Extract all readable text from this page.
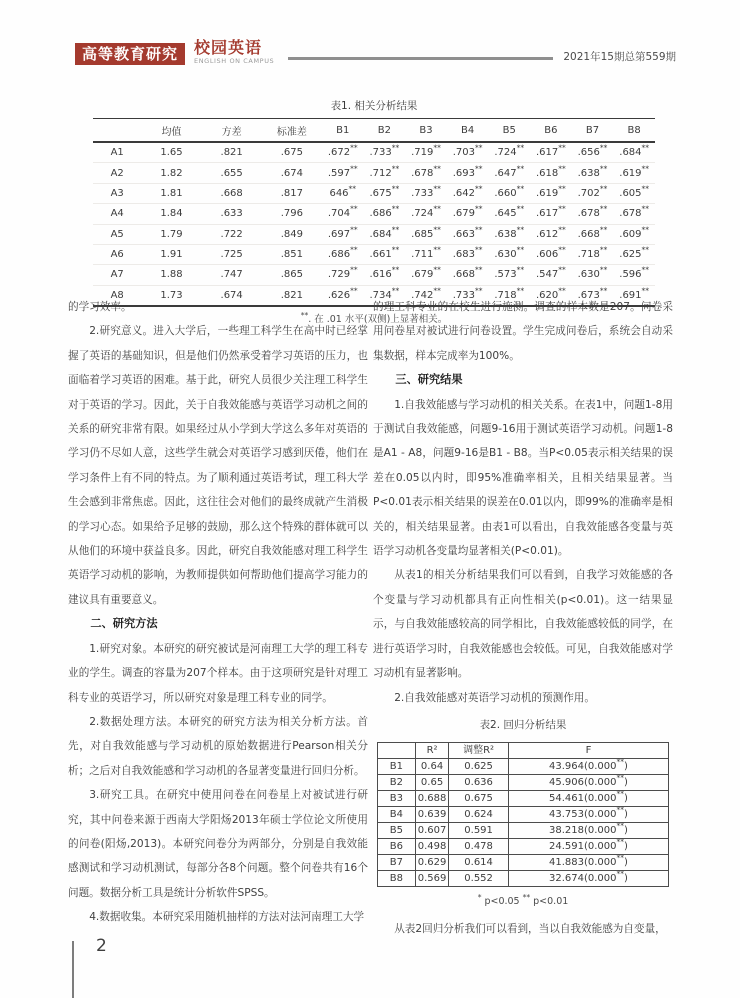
高等教育研究	校园英语
ENGLISH ON CAMPUS	2021年15期总第559期
表1. 相关分析结果
	均值	方差	标准差	B1	B2	B3	B4	B5	B6	B7	B8
A1	1.65	.821	.675	.672**	.733**	.719**	.703**	.724**	.617**	.656**	.684**
A2	1.82	.655	.674	.597**	.712**	.678**	.693**	.647**	.618**	.638**	.619**
A3	1.81	.668	.817	646**	.675**	.733**	.642**	.660**	.619**	.702**	.605**
A4	1.84	.633	.796	.704**	.686**	.724**	.679**	.645**	.617**	.678**	.678**
A5	1.79	.722	.849	.697**	.684**	.685**	.663**	.638**	.612**	.668**	.609**
A6	1.91	.725	.851	.686**	.661**	.711**	.683**	.630**	.606**	.718**	.625**
A7	1.88	.747	.865	.729**	.616**	.679**	.668**	.573**	.547**	.630**	.596**
A8	1.73	.674	.821	.626**	.734**	.742**	.733**	.718**	.620**	.673**	.691**
**. 在 .01 水平(双侧)上显著相关。

的学习效率。

2.研究意义。进入大学后，一些理工科学生在高中时已经掌握了英语的基础知识，但是他们仍然承受着学习英语的压力，也面临着学习英语的困难。基于此，研究人员很少关注理工科学生对于英语的学习。因此，关于自我效能感与英语学习动机之间的关系的研究非常有限。如果经过从小学到大学这么多年对英语的学习仍不尽如人意，这些学生就会对英语学习感到厌倦，他们在学习条件上有不同的特点。为了顺利通过英语考试，理工科大学生会感到非常焦虑。因此，这往往会对他们的最终成就产生消极的学习心态。如果给予足够的鼓励，那么这个特殊的群体就可以从他们的环境中获益良多。因此，研究自我效能感对理工科学生英语学习动机的影响，为教师提供如何帮助他们提高学习能力的建议具有重要意义。

二、研究方法

1.研究对象。本研究的研究被试是河南理工大学的理工科专业的学生。调查的容量为207个样本。由于这项研究是针对理工科专业的英语学习，所以研究对象是理工科专业的同学。

2.数据处理方法。本研究的研究方法为相关分析方法。首先，对自我效能感与学习动机的原始数据进行Pearson相关分析；之后对自我效能感和学习动机的各显著变量进行回归分析。

3.研究工具。在研究中使用问卷在问卷星上对被试进行研究，其中问卷来源于西南大学阳炀2013年硕士学位论文所使用的问卷(阳炀,2013)。本研究问卷分为两部分，分别是自我效能感测试和学习动机测试，每部分各8个问题。整个问卷共有16个问题。数据分析工具是统计分析软件SPSS。

4.数据收集。本研究采用随机抽样的方法对法河南理工大学

的理工科专业的在校生进行施测。调查的样本数是207。问卷采用问卷星对被试进行问卷设置。学生完成问卷后，系统会自动采集数据，样本完成率为100%。

三、研究结果

1.自我效能感与学习动机的相关关系。在表1中，问题1-8用于测试自我效能感，问题9-16用于测试英语学习动机。问题1-8是A1 - A8，问题9-16是B1 - B8。当P<0.05表示相关结果的误差在0.05以内时，即95%准确率相关，且相关结果显著。当P<0.01表示相关结果的误差在0.01以内，即99%的准确率是相关的，相关结果显著。由表1可以看出，自我效能感各变量与英语学习动机各变量均显著相关(P<0.01)。

从表1的相关分析结果我们可以看到，自我学习效能感的各个变量与学习动机都具有正向性相关(p<0.01)。这一结果显示，与自我效能感较高的同学相比，自我效能感较低的同学，在进行英语学习时，自我效能感也会较低。可见，自我效能感对学习动机有显著影响。

2.自我效能感对英语学习动机的预测作用。

表2. 回归分析结果
	R²	调整R²	F
B1	0.64	0.625	43.964(0.000**)
B2	0.65	0.636	45.906(0.000**)
B3	0.688	0.675	54.461(0.000**)
B4	0.639	0.624	43.753(0.000**)
B5	0.607	0.591	38.218(0.000**)
B6	0.498	0.478	24.591(0.000**)
B7	0.629	0.614	41.883(0.000**)
B8	0.569	0.552	32.674(0.000**)
* p<0.05 ** p<0.01

从表2回归分析我们可以看到，当以自我效能感为自变量，

2
